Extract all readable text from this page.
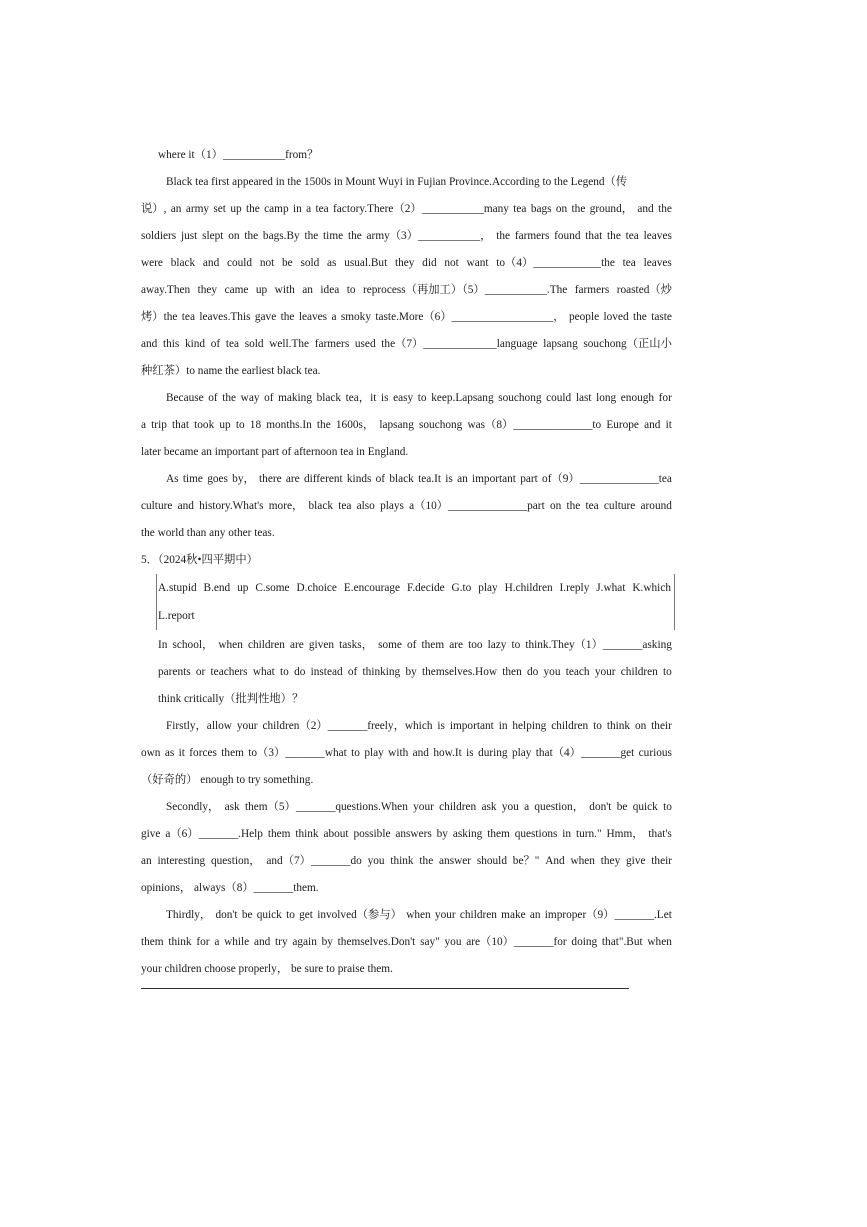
where it（1）___________from？
Black tea first appeared in the 1500s in Mount Wuyi in Fujian Province.According to the Legend（传
说）, an army set up the camp in a tea factory.There（2）___________many tea bags on the ground， and the
soldiers just slept on the bags.By the time the army（3）___________， the farmers found that the tea leaves
were black and could not be sold as usual.But they did not want to（4）____________the tea leaves
away.Then they came up with an idea to reprocess（再加工）（5）___________.The farmers roasted（炒
烤）the tea leaves.This gave the leaves a smoky taste.More（6）__________________， people loved the taste
and this kind of tea sold well.The farmers used the（7）_____________language lapsang souchong（正山小
种红茶）to name the earliest black tea.
Because of the way of making black tea，it is easy to keep.Lapsang souchong could last long enough for
a trip that took up to 18 months.In the 1600s， lapsang souchong was（8）______________to Europe and it
later became an important part of afternoon tea in England.
As time goes by， there are different kinds of black tea.It is an important part of（9）______________tea
culture and history.What's more， black tea also plays a（10）______________part on the tea culture around
the world than any other teas.
5．（2024秋•四平期中）
A.stupid B.end up C.some D.choice E.encourage F.decide G.to play H.children I.reply J.what K.which
L.report
In school， when children are given tasks， some of them are too lazy to think.They（1）_______asking
parents or teachers what to do instead of thinking by themselves.How then do you teach your children to
think critically（批判性地）？
Firstly，allow your children（2）_______freely，which is important in helping children to think on their
own as it forces them to（3）_______what to play with and how.It is during play that（4）_______get curious
（好奇的） enough to try something.
Secondly， ask them（5）_______questions.When your children ask you a question， don't be quick to
give a（6）_______.Help them think about possible answers by asking them questions in turn." Hmm， that's
an interesting question， and（7）_______do you think the answer should be？" And when they give their
opinions， always（8）_______them.
Thirdly， don't be quick to get involved（参与） when your children make an improper（9）_______.Let
them think for a while and try again by themselves.Don't say" you are（10）_______for doing that".But when
your children choose properly， be sure to praise them.
